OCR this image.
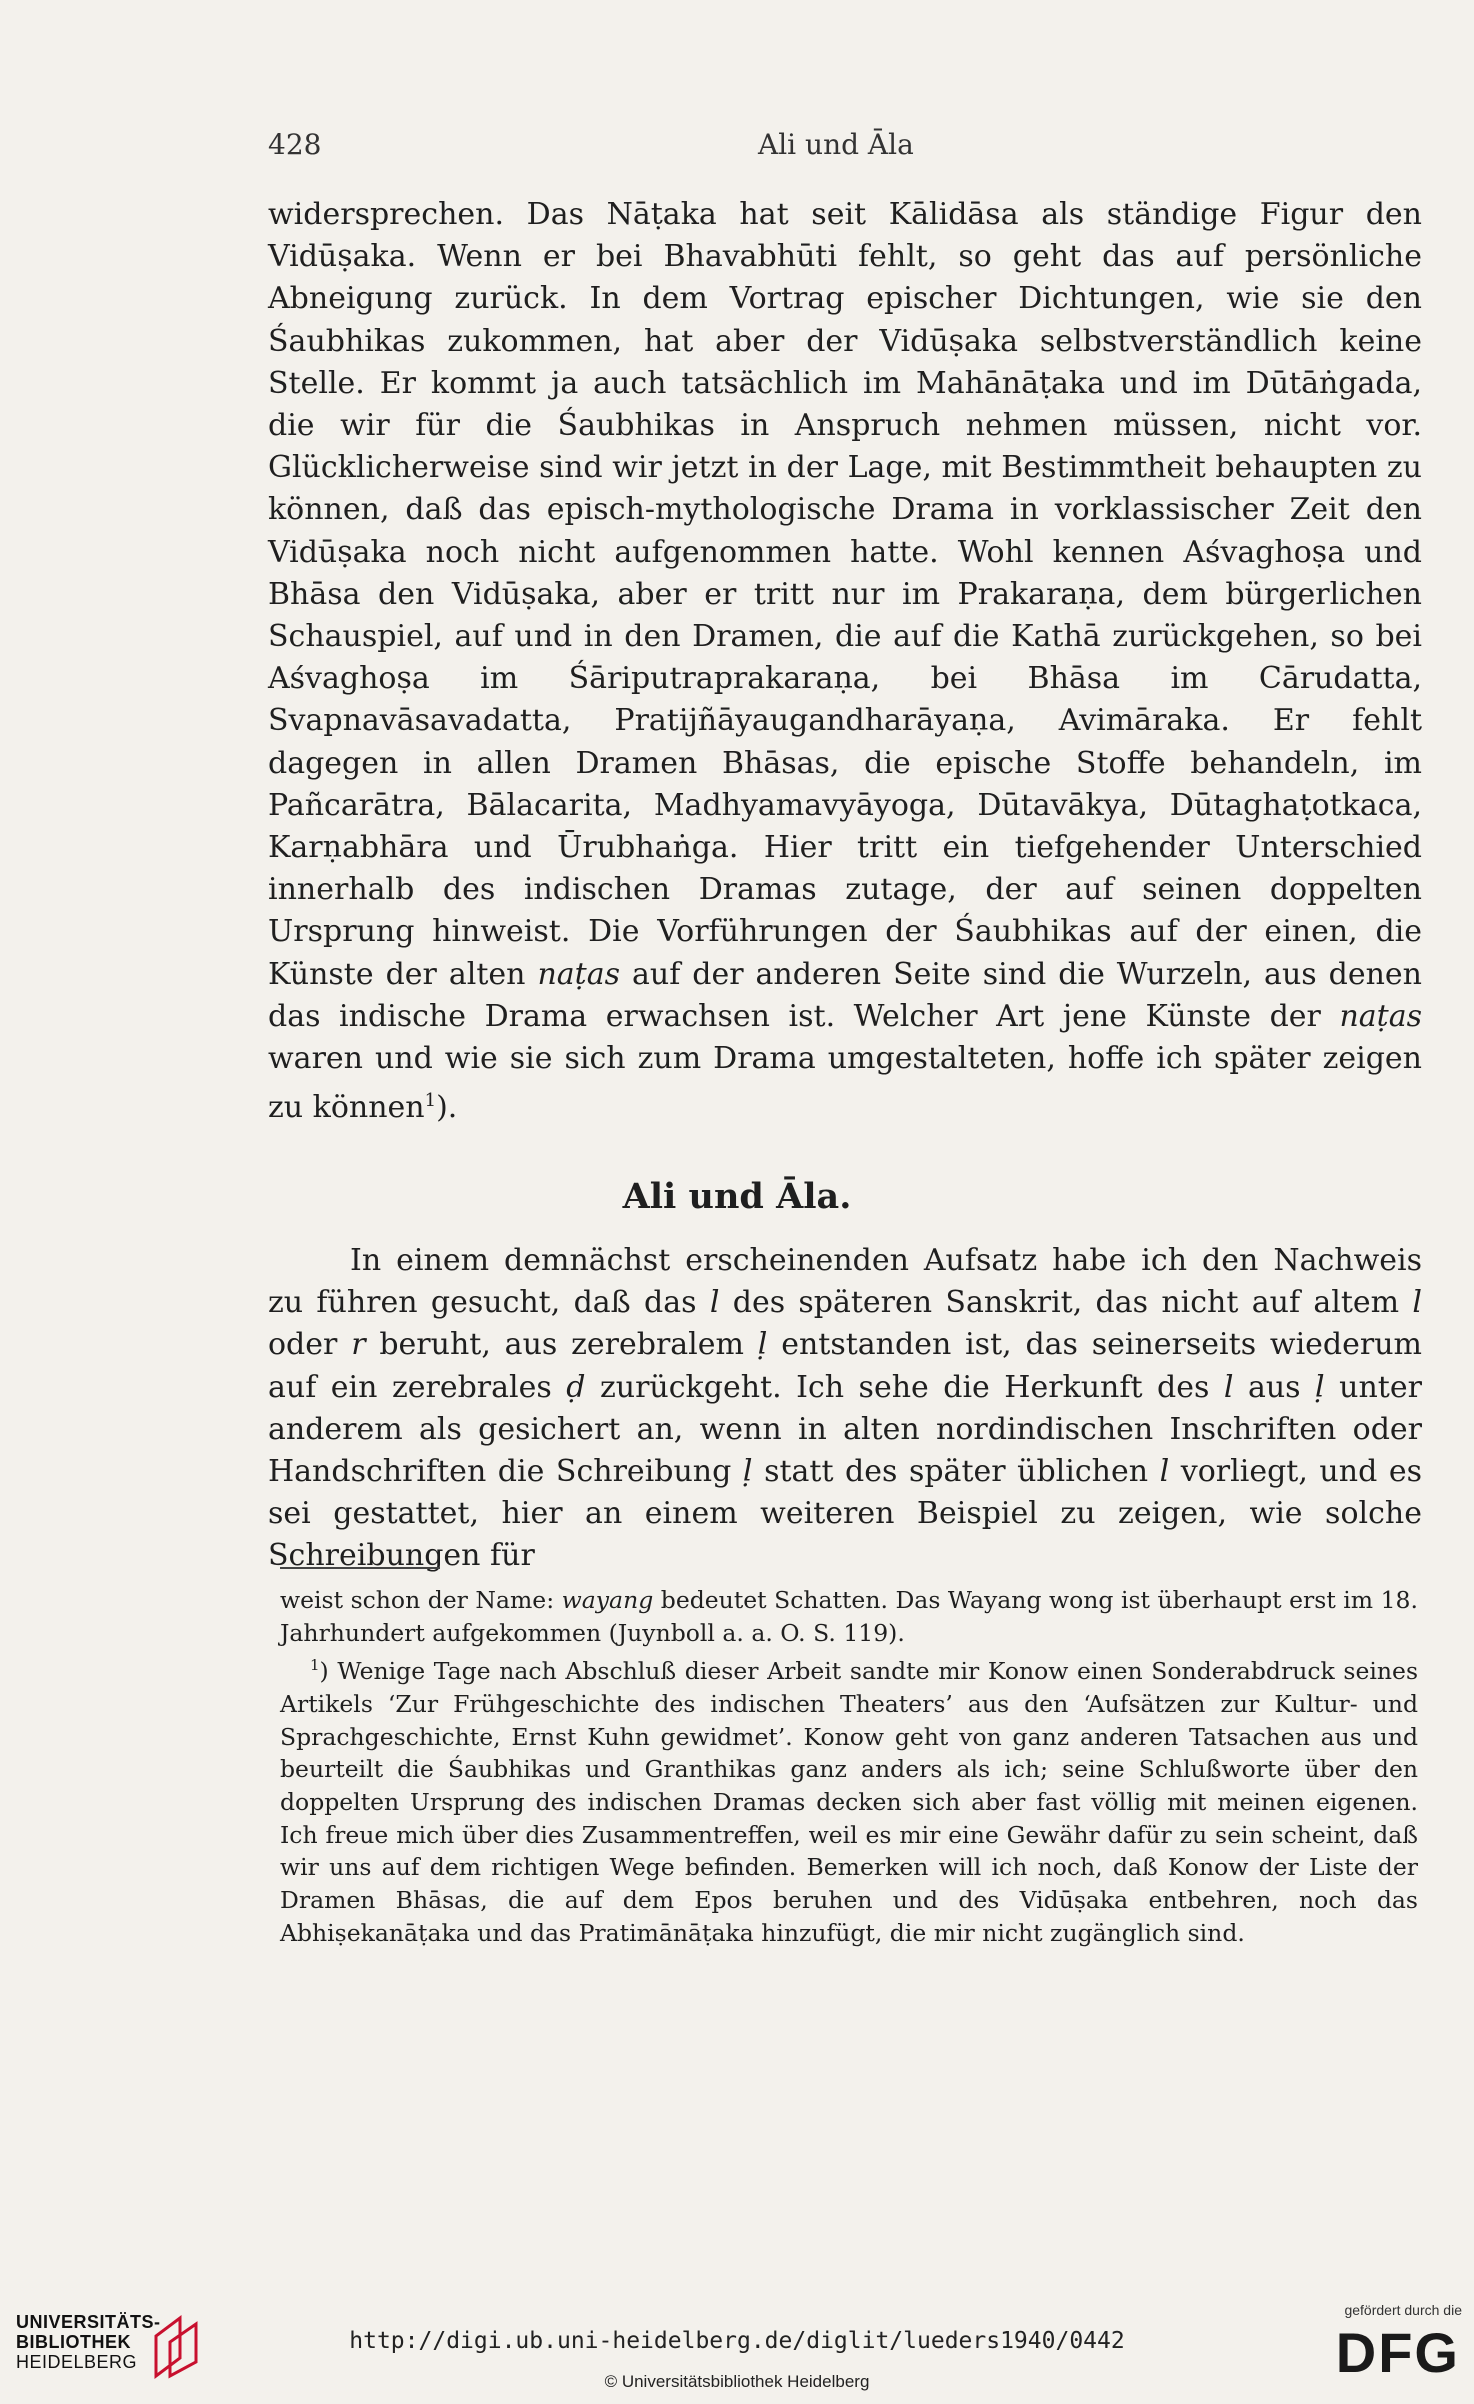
428	Ali und Āla

widersprechen. Das Nāṭaka hat seit Kālidāsa als ständige Figur den Vidūṣaka. Wenn er bei Bhavabhūti fehlt, so geht das auf persönliche Abneigung zurück. In dem Vortrag epischer Dichtungen, wie sie den Śaubhikas zukommen, hat aber der Vidūṣaka selbstverständlich keine Stelle. Er kommt ja auch tatsächlich im Mahānāṭaka und im Dūtāṅgada, die wir für die Śaubhikas in Anspruch nehmen müssen, nicht vor. Glücklicherweise sind wir jetzt in der Lage, mit Bestimmtheit behaupten zu können, daß das episch-mythologische Drama in vorklassischer Zeit den Vidūṣaka noch nicht aufgenommen hatte. Wohl kennen Aśvaghoṣa und Bhāsa den Vidūṣaka, aber er tritt nur im Prakaraṇa, dem bürgerlichen Schauspiel, auf und in den Dramen, die auf die Kathā zurückgehen, so bei Aśvaghoṣa im Śāriputraprakaraṇa, bei Bhāsa im Cārudatta, Svapnavāsavadatta, Pratijñāyaugandharāyaṇa, Avimāraka. Er fehlt dagegen in allen Dramen Bhāsas, die epische Stoffe behandeln, im Pañcarātra, Bālacarita, Madhyamavyāyoga, Dūtavākya, Dūtaghaṭotkaca, Karṇabhāra und Ūrubhaṅga. Hier tritt ein tiefgehender Unterschied innerhalb des indischen Dramas zutage, der auf seinen doppelten Ursprung hinweist. Die Vorführungen der Śaubhikas auf der einen, die Künste der alten naṭas auf der anderen Seite sind die Wurzeln, aus denen das indische Drama erwachsen ist. Welcher Art jene Künste der naṭas waren und wie sie sich zum Drama umgestalteten, hoffe ich später zeigen zu können$^1$).

Ali und Āla.

In einem demnächst erscheinenden Aufsatz habe ich den Nachweis zu führen gesucht, daß das l des späteren Sanskrit, das nicht auf altem l oder r beruht, aus zerebralem ḷ entstanden ist, das seinerseits wiederum auf ein zerebrales ḍ zurückgeht. Ich sehe die Herkunft des l aus ḷ unter anderem als gesichert an, wenn in alten nordindischen Inschriften oder Handschriften die Schreibung ḷ statt des später üblichen l vorliegt, und es sei gestattet, hier an einem weiteren Beispiel zu zeigen, wie solche Schreibungen für

weist schon der Name: wayang bedeutet Schatten. Das Wayang wong ist überhaupt erst im 18. Jahrhundert aufgekommen (Juynboll a. a. O. S. 119).

$^1$) Wenige Tage nach Abschluß dieser Arbeit sandte mir Konow einen Sonderabdruck seines Artikels ‘Zur Frühgeschichte des indischen Theaters’ aus den ‘Aufsätzen zur Kultur- und Sprachgeschichte, Ernst Kuhn gewidmet’. Konow geht von ganz anderen Tatsachen aus und beurteilt die Śaubhikas und Granthikas ganz anders als ich; seine Schlußworte über den doppelten Ursprung des indischen Dramas decken sich aber fast völlig mit meinen eigenen. Ich freue mich über dies Zusammentreffen, weil es mir eine Gewähr dafür zu sein scheint, daß wir uns auf dem richtigen Wege befinden. Bemerken will ich noch, daß Konow der Liste der Dramen Bhāsas, die auf dem Epos beruhen und des Vidūṣaka entbehren, noch das Abhiṣekanāṭaka und das Pratimānāṭaka hinzufügt, die mir nicht zugänglich sind.

UNIVERSITÄTS-
BIBLIOTHEK
HEIDELBERG
http://digi.ub.uni-heidelberg.de/diglit/lueders1940/0442
© Universitätsbibliothek Heidelberg
gefördert durch die
DFG
